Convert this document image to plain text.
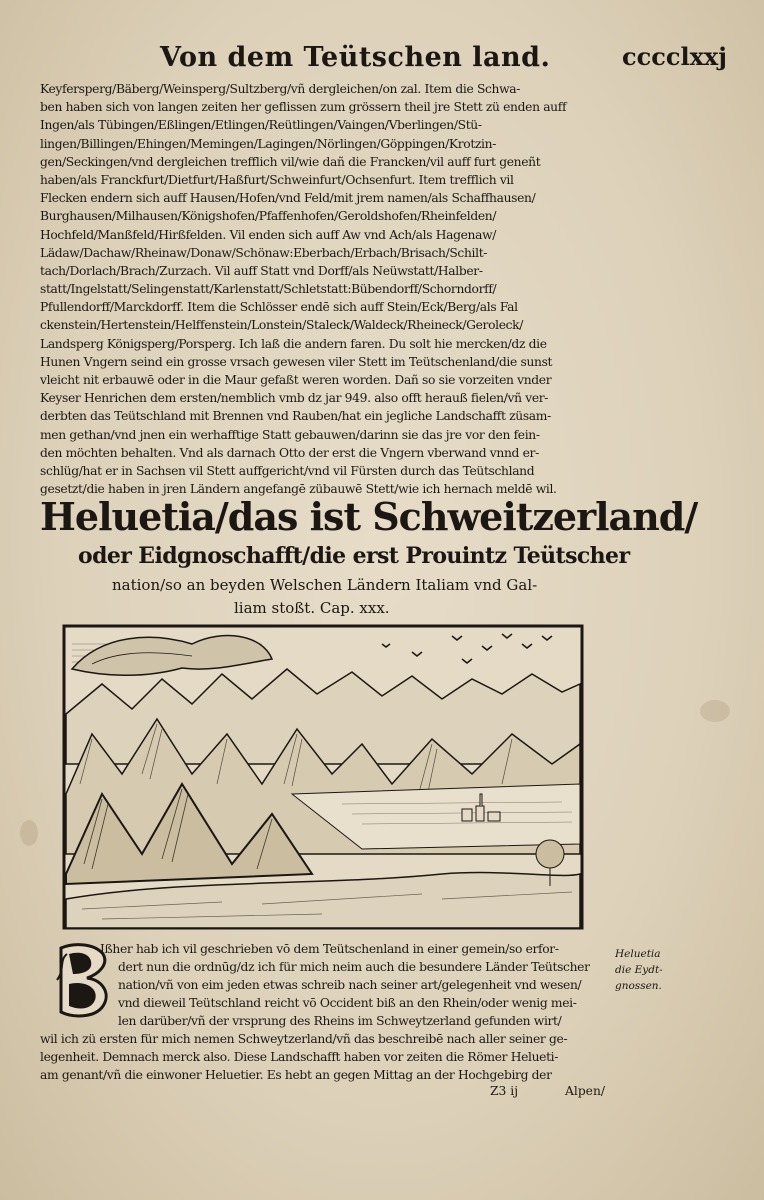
Von dem Teütschen land.	cccclxxj
Keyfersperg/Bäberg/Weinsperg/Sultzberg/vñ dergleichen/on zal. Item die Schwa-
ben haben sich von langen zeiten her geflissen zum grössern theil jre Stett zü enden auff
Ingen/als Tübingen/Eßlingen/Etlingen/Reütlingen/Vaingen/Vberlingen/Stü-
lingen/Billingen/Ehingen/Memingen/Lagingen/Nörlingen/Göppingen/Krotzin-
gen/Seckingen/vnd dergleichen trefflich vil/wie dañ die Francken/vil auff furt geneñt
haben/als Franckfurt/Dietfurt/Haßfurt/Schweinfurt/Ochsenfurt. Item trefflich vil
Flecken endern sich auff Hausen/Hofen/vnd Feld/mit jrem namen/als Schaffhausen/
Burghausen/Milhausen/Königshofen/Pfaffenhofen/Geroldshofen/Rheinfelden/
Hochfeld/Manßfeld/Hirßfelden. Vil enden sich auff Aw vnd Ach/als Hagenaw/
Lädaw/Dachaw/Rheinaw/Donaw/Schönaw:Eberbach/Erbach/Brisach/Schilt-
tach/Dorlach/Brach/Zurzach. Vil auff Statt vnd Dorff/als Neüwstatt/Halber-
statt/Ingelstatt/Selingenstatt/Karlenstatt/Schletstatt:Bübendorff/Schorndorff/
Pfullendorff/Marckdorff. Item die Schlösser endē sich auff Stein/Eck/Berg/als Fal
ckenstein/Hertenstein/Helffenstein/Lonstein/Staleck/Waldeck/Rheineck/Geroleck/
Landsperg Königsperg/Porsperg. Ich laß die andern faren. Du solt hie mercken/dz die
Hunen Vngern seind ein grosse vrsach gewesen viler Stett im Teütschenland/die sunst
vleicht nit erbauwē oder in die Maur gefaßt weren worden. Dañ so sie vorzeiten vnder
Keyser Henrichen dem ersten/nemblich vmb dz jar 949. also offt herauß fielen/vñ ver-
derbten das Teütschland mit Brennen vnd Rauben/hat ein jegliche Landschafft züsam-
men gethan/vnd jnen ein werhafftige Statt gebauwen/darinn sie das jre vor den fein-
den möchten behalten. Vnd als darnach Otto der erst die Vngern vberwand vnnd er-
schlüg/hat er in Sachsen vil Stett auffgericht/vnd vil Fürsten durch das Teütschland
gesetzt/die haben in jren Ländern angefangē zübauwē Stett/wie ich hernach meldē wil.
Heluetia/das ist Schweitzerland/
oder Eidgnoschafft/die erst Prouintz Teütscher
nation/so an beyden Welschen Ländern Italiam vnd Gal-
liam stoßt. Cap. xxx.
Ißher hab ich vil geschrieben vō dem Teütschenland in einer gemein/so erfor-
dert nun die ordnūg/dz ich für mich neim auch die besundere Länder Teütscher
nation/vñ von eim jeden etwas schreib nach seiner art/gelegenheit vnd wesen/
vnd dieweil Teütschland reicht vō Occident biß an den Rhein/oder wenig mei-
len darüber/vñ der vrsprung des Rheins im Schweytzerland gefunden wirt/
wil ich zü ersten für mich nemen Schweytzerland/vñ das beschreibē nach aller seiner ge-
legenheit. Demnach merck also. Diese Landschafft haben vor zeiten die Römer Helueti-
am genant/vñ die einwoner Heluetier. Es hebt an gegen Mittag an der Hochgebirg der
Heluetia
die Eydt-
gnossen.
Z3 ij	Alpen/
